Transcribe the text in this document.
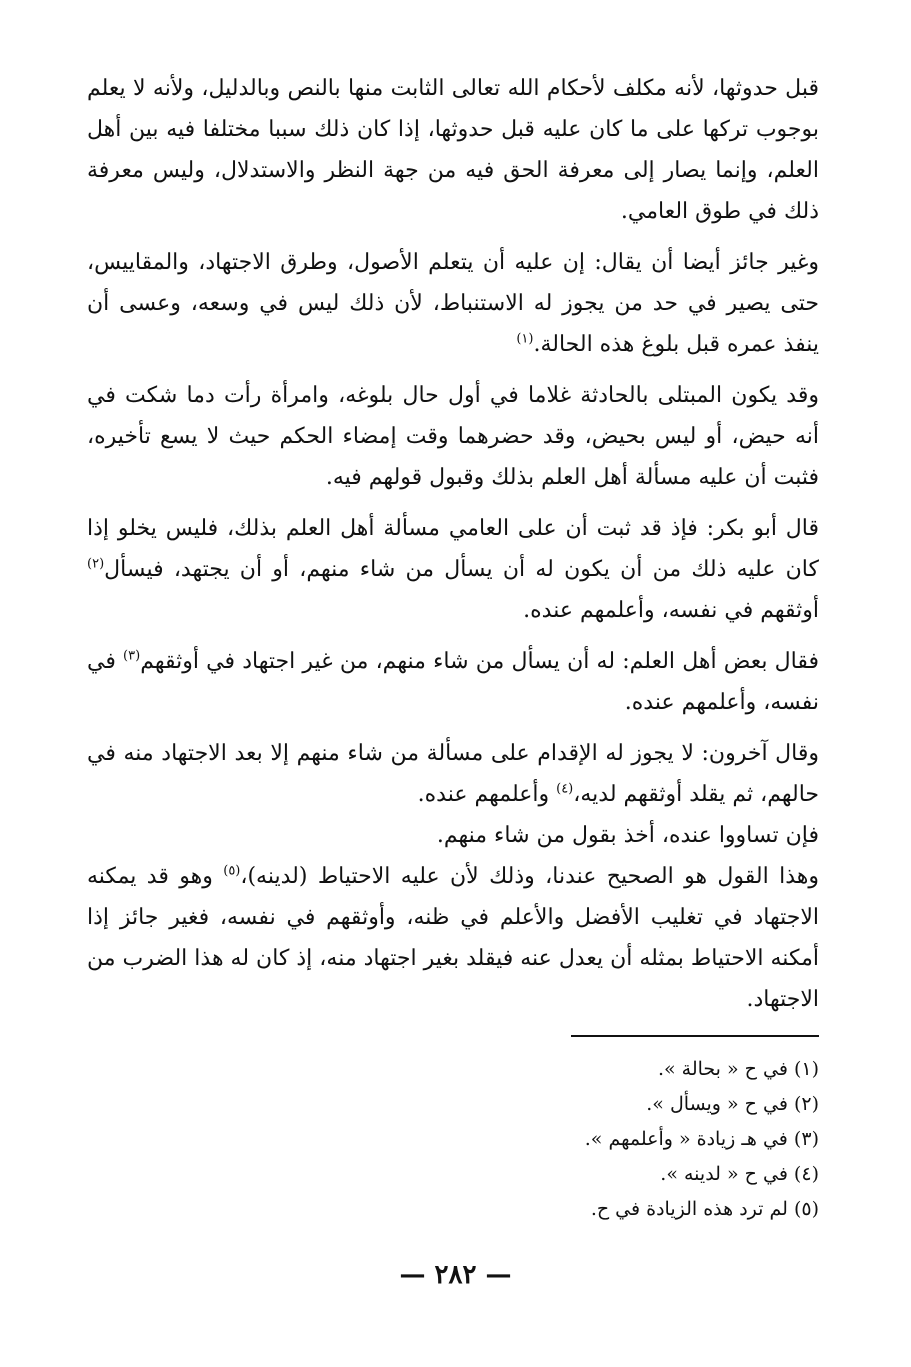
قبل حدوثها، لأنه مكلف لأحكام الله تعالى الثابت منها بالنص وبالدليل، ولأنه لا يعلم بوجوب تركها على ما كان عليه قبل حدوثها، إذا كان ذلك سببا مختلفا فيه بين أهل العلم، وإنما يصار إلى معرفة الحق فيه من جهة النظر والاستدلال، وليس معرفة ذلك في طوق العامي.

وغير جائز أيضا أن يقال: إن عليه أن يتعلم الأصول، وطرق الاجتهاد، والمقاييس، حتى يصير في حد من يجوز له الاستنباط، لأن ذلك ليس في وسعه، وعسى أن ينفذ عمره قبل بلوغ هذه الحالة.$^{(١)}$

وقد يكون المبتلى بالحادثة غلاما في أول حال بلوغه، وامرأة رأت دما شكت في أنه حيض، أو ليس بحيض، وقد حضرهما وقت إمضاء الحكم حيث لا يسع تأخيره، فثبت أن عليه مسألة أهل العلم بذلك وقبول قولهم فيه.

قال أبو بكر: فإذ قد ثبت أن على العامي مسألة أهل العلم بذلك، فليس يخلو إذا كان عليه ذلك من أن يكون له أن يسأل من شاء منهم، أو أن يجتهد، فيسأل$^{(٢)}$ أوثقهم في نفسه، وأعلمهم عنده.

فقال بعض أهل العلم: له أن يسأل من شاء منهم، من غير اجتهاد في أوثقهم$^{(٣)}$ في نفسه، وأعلمهم عنده.

وقال آخرون: لا يجوز له الإقدام على مسألة من شاء منهم إلا بعد الاجتهاد منه في حالهم، ثم يقلد أوثقهم لديه،$^{(٤)}$ وأعلمهم عنده.

فإن تساووا عنده، أخذ بقول من شاء منهم.

وهذا القول هو الصحيح عندنا، وذلك لأن عليه الاحتياط (لدينه)،$^{(٥)}$ وهو قد يمكنه الاجتهاد في تغليب الأفضل والأعلم في ظنه، وأوثقهم في نفسه، فغير جائز إذا أمكنه الاحتياط بمثله أن يعدل عنه فيقلد بغير اجتهاد منه، إذ كان له هذا الضرب من الاجتهاد.

(١) في ح « بحالة ».
(٢) في ح « ويسأل ».
(٣) في هـ زيادة « وأعلمهم ».
(٤) في ح « لدينه ».
(٥) لم ترد هذه الزيادة في ح.
— ٢٨٢ —
